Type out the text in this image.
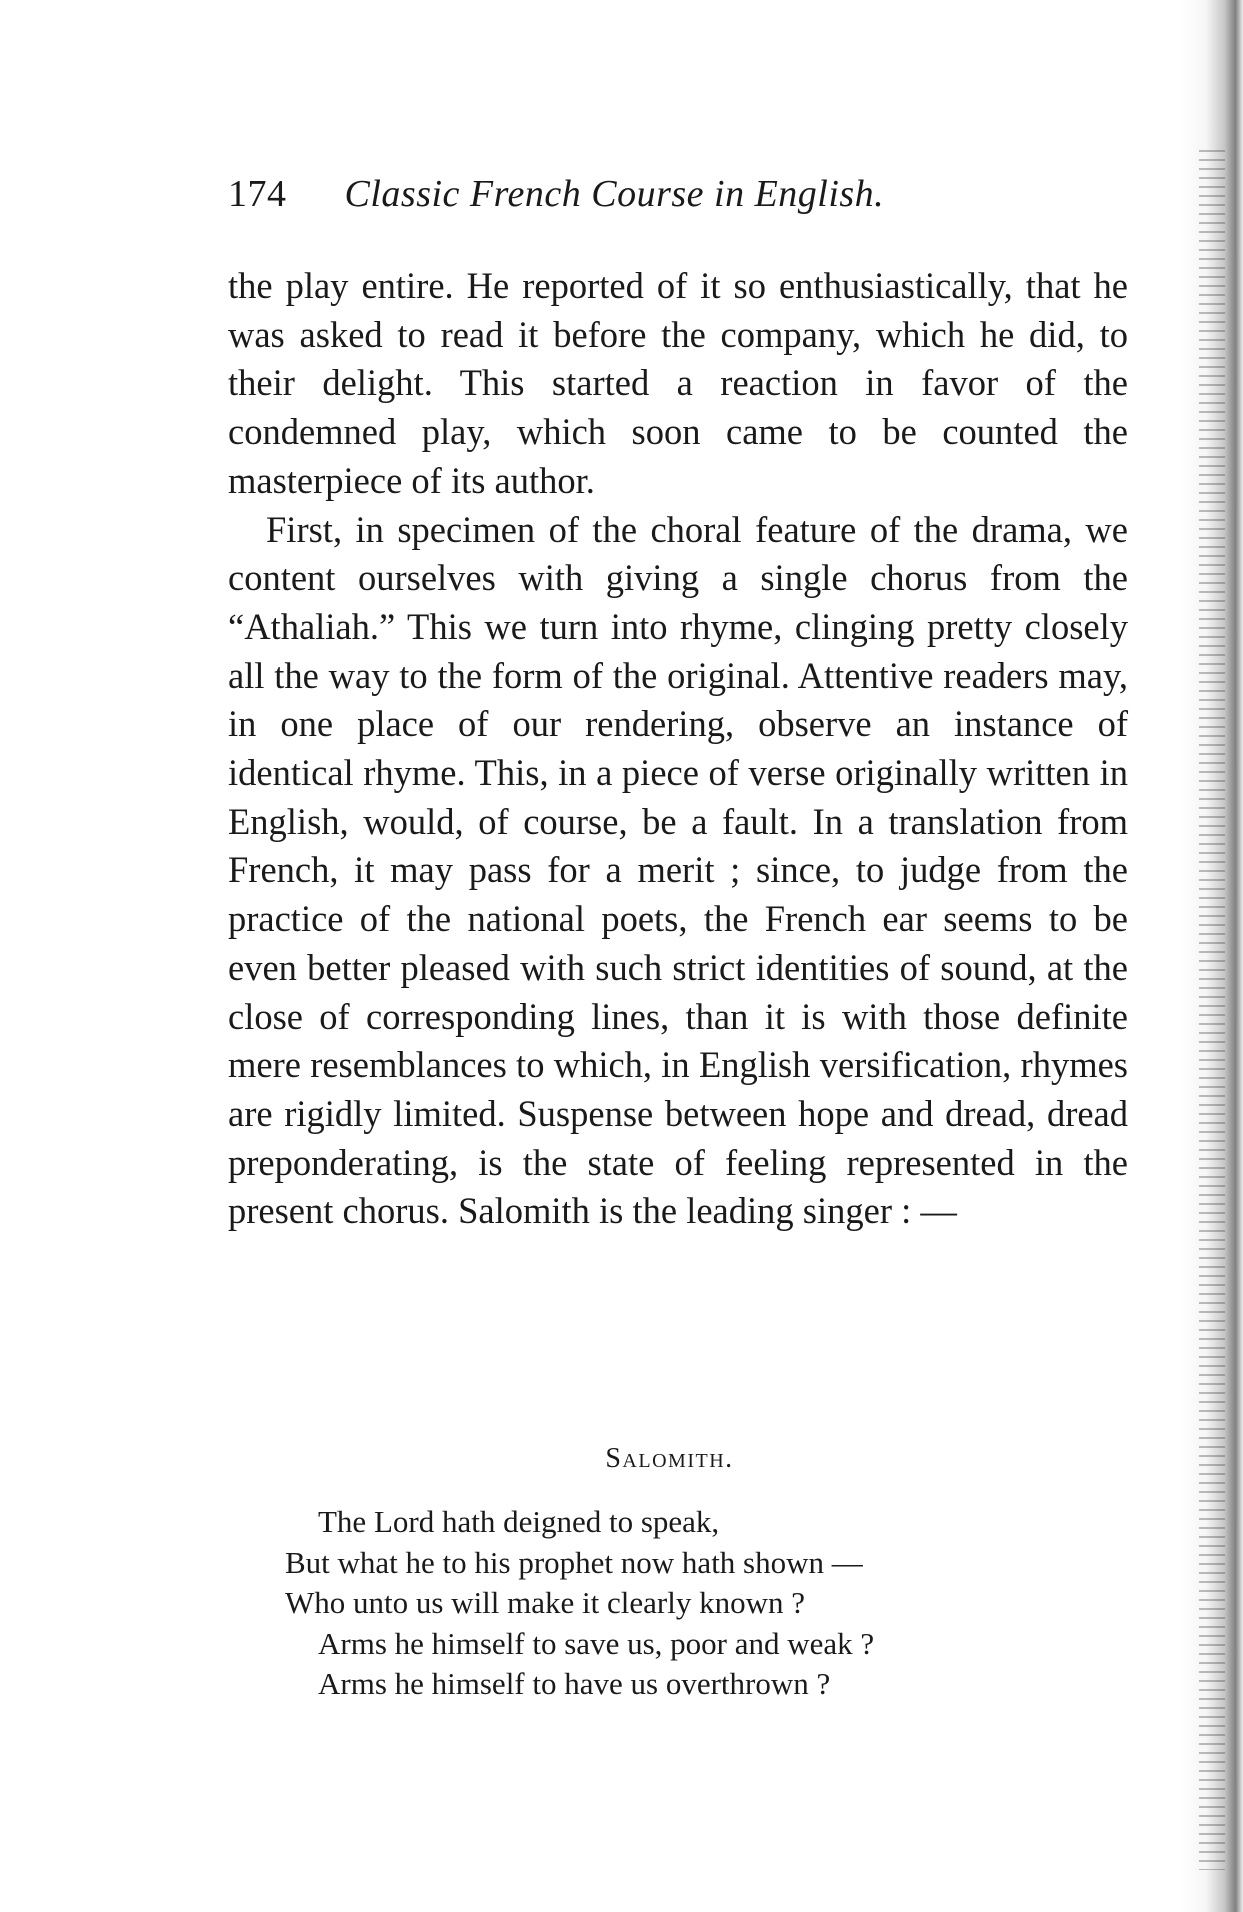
174 Classic French Course in English.

the play entire. He reported of it so enthusiastically, that he was asked to read it before the company, which he did, to their delight. This started a reaction in favor of the condemned play, which soon came to be counted the masterpiece of its author.

First, in specimen of the choral feature of the drama, we content ourselves with giving a single chorus from the “Athaliah.” This we turn into rhyme, clinging pretty closely all the way to the form of the original. Attentive readers may, in one place of our rendering, observe an instance of identical rhyme. This, in a piece of verse originally written in English, would, of course, be a fault. In a translation from French, it may pass for a merit ; since, to judge from the practice of the national poets, the French ear seems to be even better pleased with such strict identities of sound, at the close of corresponding lines, than it is with those definite mere resemblances to which, in English versification, rhymes are rigidly limited. Suspense between hope and dread, dread preponderating, is the state of feeling represented in the present chorus. Salomith is the leading singer : —

Salomith.
The Lord hath deigned to speak,
But what he to his prophet now hath shown —
Who unto us will make it clearly known ?
Arms he himself to save us, poor and weak ?
Arms he himself to have us overthrown ?
